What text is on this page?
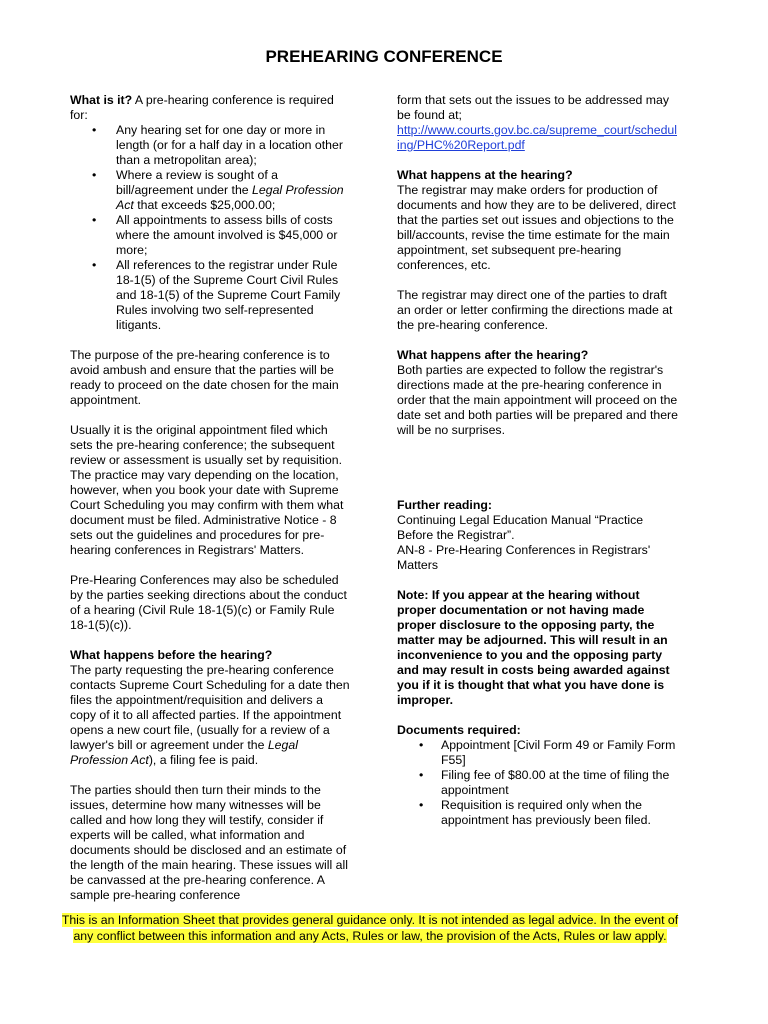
PREHEARING CONFERENCE

What is it? A pre-hearing conference is required for:

• Any hearing set for one day or more in length (or for a half day in a location other than a metropolitan area);
• Where a review is sought of a bill/agreement under the Legal Profession Act that exceeds $25,000.00;
• All appointments to assess bills of costs where the amount involved is $45,000 or more;
• All references to the registrar under Rule 18-1(5) of the Supreme Court Civil Rules and 18-1(5) of the Supreme Court Family Rules involving two self-represented litigants.

The purpose of the pre-hearing conference is to avoid ambush and ensure that the parties will be ready to proceed on the date chosen for the main appointment.

Usually it is the original appointment filed which sets the pre-hearing conference; the subsequent review or assessment is usually set by requisition. The practice may vary depending on the location, however, when you book your date with Supreme Court Scheduling you may confirm with them what document must be filed. Administrative Notice - 8 sets out the guidelines and procedures for pre-hearing conferences in Registrars' Matters.

Pre-Hearing Conferences may also be scheduled by the parties seeking directions about the conduct of a hearing (Civil Rule 18-1(5)(c) or Family Rule 18-1(5)(c)).

What happens before the hearing?

The party requesting the pre-hearing conference contacts Supreme Court Scheduling for a date then files the appointment/requisition and delivers a copy of it to all affected parties. If the appointment opens a new court file, (usually for a review of a lawyer's bill or agreement under the Legal Profession Act), a filing fee is paid.

The parties should then turn their minds to the issues, determine how many witnesses will be called and how long they will testify, consider if experts will be called, what information and documents should be disclosed and an estimate of the length of the main hearing. These issues will all be canvassed at the pre-hearing conference. A sample pre-hearing conference

form that sets out the issues to be addressed may be found at;

http://www.courts.gov.bc.ca/supreme_court/scheduling/PHC%20Report.pdf

What happens at the hearing?

The registrar may make orders for production of documents and how they are to be delivered, direct that the parties set out issues and objections to the bill/accounts, revise the time estimate for the main appointment, set subsequent pre-hearing conferences, etc.

The registrar may direct one of the parties to draft an order or letter confirming the directions made at the pre-hearing conference.

What happens after the hearing?

Both parties are expected to follow the registrar's directions made at the pre-hearing conference in order that the main appointment will proceed on the date set and both parties will be prepared and there will be no surprises.

Further reading:

Continuing Legal Education Manual “Practice Before the Registrar”.

AN-8 - Pre-Hearing Conferences in Registrars' Matters

Note: If you appear at the hearing without proper documentation or not having made proper disclosure to the opposing party, the matter may be adjourned. This will result in an inconvenience to you and the opposing party and may result in costs being awarded against you if it is thought that what you have done is improper.

Documents required:

• Appointment [Civil Form 49 or Family Form F55]
• Filing fee of $80.00 at the time of filing the appointment
• Requisition is required only when the appointment has previously been filed.
This is an Information Sheet that provides general guidance only. It is not intended as legal advice. In the event of any conflict between this information and any Acts, Rules or law, the provision of the Acts, Rules or law apply.
